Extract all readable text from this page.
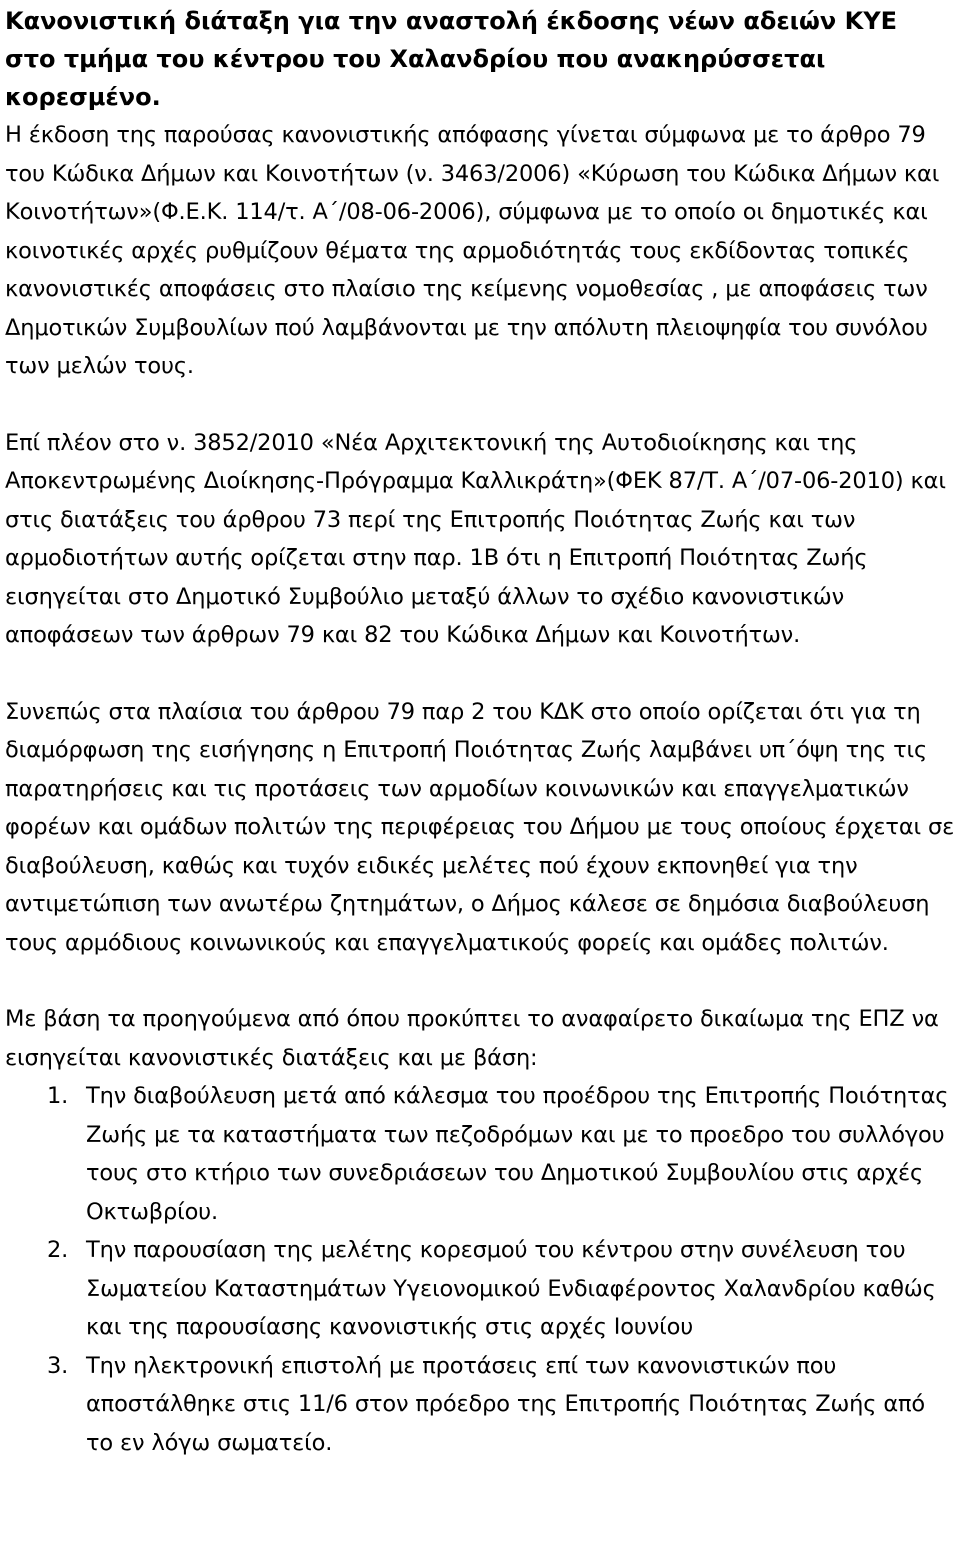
Κανονιστική διάταξη για την αναστολή έκδοσης νέων αδειών ΚΥΕ στο τμήμα του κέντρου του Χαλανδρίου που ανακηρύσσεται κορεσμένο.

Η έκδοση της παρούσας κανονιστικής απόφασης γίνεται σύμφωνα με το άρθρο 79 του Κώδικα Δήμων και Κοινοτήτων (ν. 3463/2006) «Κύρωση του Κώδικα Δήμων και Κοινοτήτων»(Φ.Ε.Κ. 114/τ. Α΄/08-06-2006), σύμφωνα με το οποίο οι δημοτικές και κοινοτικές αρχές ρυθμίζουν θέματα της αρμοδιότητάς τους εκδίδοντας τοπικές κανονιστικές αποφάσεις στο πλαίσιο της κείμενης νομοθεσίας , με αποφάσεις των Δημοτικών Συμβουλίων πού λαμβάνονται με την απόλυτη πλειοψηφία του συνόλου των μελών τους.

Επί πλέον στο ν. 3852/2010 «Νέα Αρχιτεκτονική της Αυτοδιοίκησης και της Αποκεντρωμένης Διοίκησης-Πρόγραμμα Καλλικράτη»(ΦΕΚ 87/Τ. Α΄/07-06-2010) και στις διατάξεις του άρθρου 73 περί της Επιτροπής Ποιότητας Ζωής και των αρμοδιοτήτων αυτής ορίζεται στην παρ. 1Β ότι η Επιτροπή Ποιότητας Ζωής εισηγείται στο Δημοτικό Συμβούλιο μεταξύ άλλων το σχέδιο κανονιστικών αποφάσεων των άρθρων 79 και 82 του Κώδικα Δήμων και Κοινοτήτων.

Συνεπώς στα πλαίσια του άρθρου 79 παρ 2 του ΚΔΚ στο οποίο ορίζεται ότι για τη διαμόρφωση της εισήγησης η Επιτροπή Ποιότητας Ζωής λαμβάνει υπ΄όψη της τις παρατηρήσεις και τις προτάσεις των αρμοδίων κοινωνικών και επαγγελματικών φορέων και ομάδων πολιτών της περιφέρειας του Δήμου με τους οποίους έρχεται σε διαβούλευση, καθώς και τυχόν ειδικές μελέτες πού έχουν εκπονηθεί για την αντιμετώπιση των ανωτέρω ζητημάτων, ο Δήμος κάλεσε σε δημόσια διαβούλευση τους αρμόδιους κοινωνικούς και επαγγελματικούς φορείς και ομάδες πολιτών.

Με βάση τα προηγούμενα από όπου προκύπτει το αναφαίρετο δικαίωμα της ΕΠΖ να εισηγείται κανονιστικές διατάξεις και με βάση:

1. Την διαβούλευση μετά από κάλεσμα του προέδρου της Επιτροπής Ποιότητας Ζωής με τα καταστήματα των πεζοδρόμων και με το προεδρο του συλλόγου τους στο κτήριο των συνεδριάσεων του Δημοτικού Συμβουλίου στις αρχές Οκτωβρίου.
2. Την παρουσίαση της μελέτης κορεσμού του κέντρου στην συνέλευση του Σωματείου Καταστημάτων Υγειονομικού Ενδιαφέροντος Χαλανδρίου καθώς και της παρουσίασης κανονιστικής στις αρχές Ιουνίου
3. Την ηλεκτρονική επιστολή με προτάσεις επί των κανονιστικών που αποστάλθηκε στις 11/6 στον πρόεδρο της Επιτροπής Ποιότητας Ζωής από το εν λόγω σωματείο.
